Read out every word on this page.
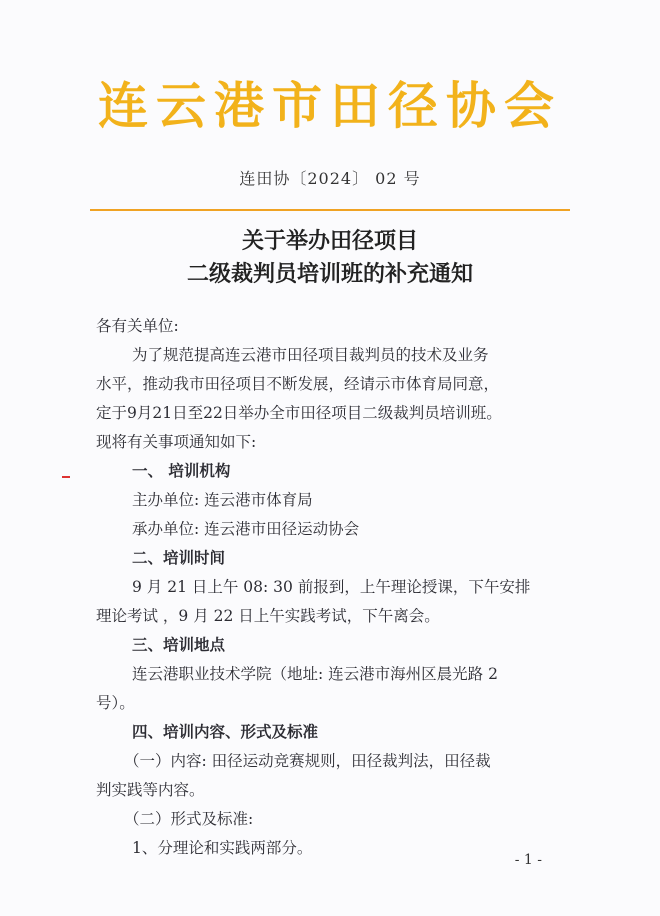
连云港市田径协会
连田协〔2024〕 02 号
关于举办田径项目
二级裁判员培训班的补充通知
各有关单位:
为了规范提高连云港市田径项目裁判员的技术及业务
水平，推动我市田径项目不断发展，经请示市体育局同意，
定于9月21日至22日举办全市田径项目二级裁判员培训班。
现将有关事项通知如下:
一、 培训机构
主办单位: 连云港市体育局
承办单位: 连云港市田径运动协会
二、培训时间
9 月 21 日上午 08: 30 前报到，上午理论授课，下午安排
理论考试 ，9 月 22 日上午实践考试，下午离会。
三、培训地点
连云港职业技术学院（地址: 连云港市海州区晨光路 2
号）。
四、培训内容、形式及标准
（一）内容: 田径运动竞赛规则，田径裁判法，田径裁
判实践等内容。
（二）形式及标准:
1、分理论和实践两部分。
- 1 -
